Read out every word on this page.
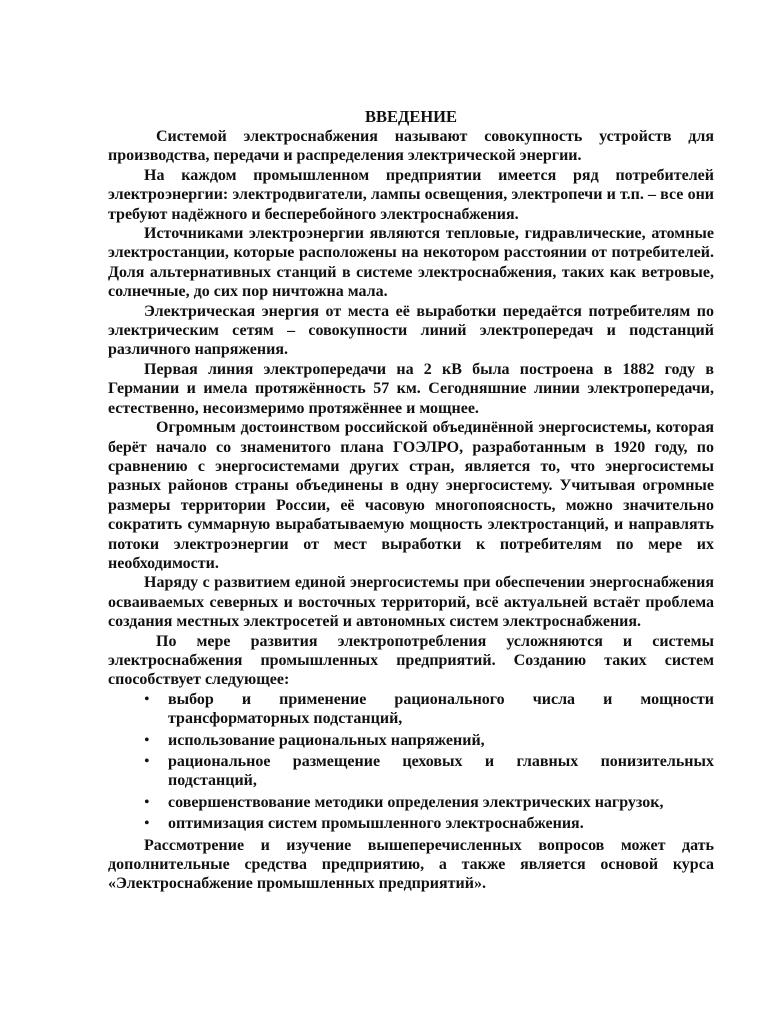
ВВЕДЕНИЕ

Системой электроснабжения называют совокупность устройств для производства, передачи и распределения электрической энергии.

На каждом промышленном предприятии имеется ряд потребителей электроэнергии: электродвигатели, лампы освещения, электропечи и т.п. – все они требуют надёжного и бесперебойного электроснабжения.

Источниками электроэнергии являются тепловые, гидравлические, атомные электростанции, которые расположены на некотором расстоянии от потребителей. Доля альтернативных станций в системе электроснабжения, таких как ветровые, солнечные, до сих пор ничтожна мала.

Электрическая энергия от места её выработки передаётся потребителям по электрическим сетям – совокупности линий электропередач и подстанций различного напряжения.

Первая линия электропередачи на 2 кВ была построена в 1882 году в Германии и имела протяжённость 57 км. Сегодняшние линии электропередачи, естественно, несоизмеримо протяжённее и мощнее.

Огромным достоинством российской объединённой энергосистемы, которая берёт начало со знаменитого плана ГОЭЛРО, разработанным в 1920 году, по сравнению с энергосистемами других стран, является то, что энергосистемы разных районов страны объединены в одну энергосистему. Учитывая огромные размеры территории России, её часовую многопоясность, можно значительно сократить суммарную вырабатываемую мощность электростанций, и направлять потоки электроэнергии от мест выработки к потребителям по мере их необходимости.

Наряду с развитием единой энергосистемы при обеспечении энергоснабжения осваиваемых северных и восточных территорий, всё актуальней встаёт проблема создания местных электросетей и автономных систем электроснабжения.

По мере развития электропотребления усложняются и системы электроснабжения промышленных предприятий. Созданию таких систем способствует следующее:

• выбор и применение рационального числа и мощности трансформаторных подстанций,
• использование рациональных напряжений,
• рациональное размещение цеховых и главных понизительных подстанций,
• совершенствование методики определения электрических нагрузок,
• оптимизация систем промышленного электроснабжения.

Рассмотрение и изучение вышеперечисленных вопросов может дать дополнительные средства предприятию, а также является основой курса «Электроснабжение промышленных предприятий».
